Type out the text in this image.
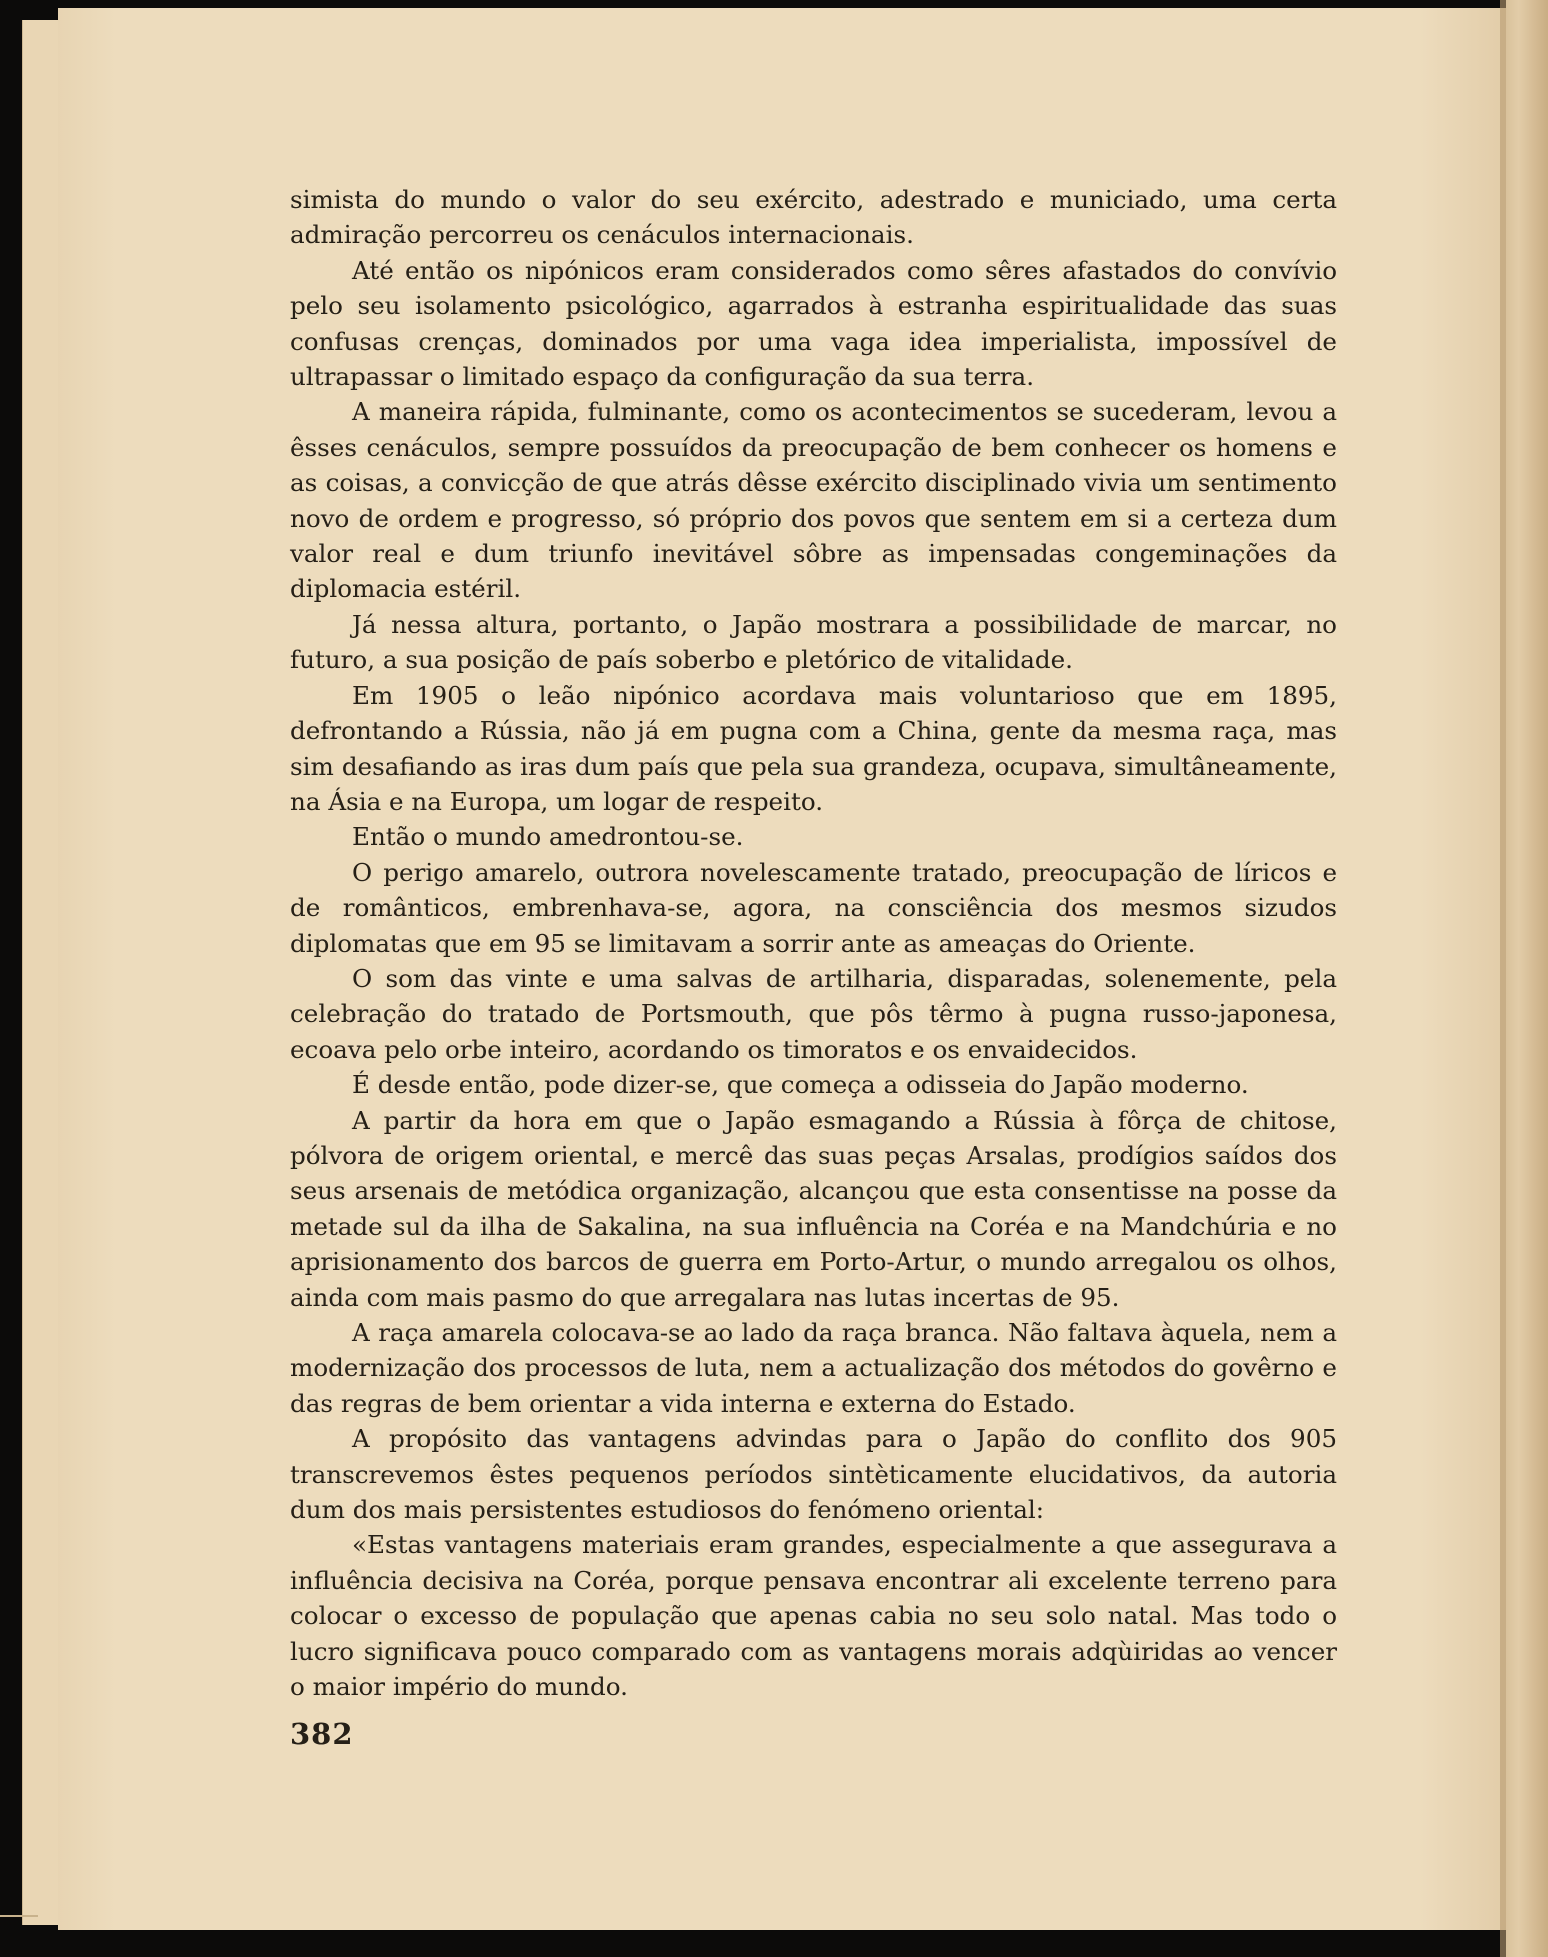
simista do mundo o valor do seu exército, adestrado e municiado, uma certa admiração percorreu os cenáculos internacionais.

Até então os nipónicos eram considerados como sêres afastados do convívio pelo seu isolamento psicológico, agarrados à estranha espiritualidade das suas confusas crenças, dominados por uma vaga idea imperialista, impossível de ultrapassar o limitado espaço da configuração da sua terra.

A maneira rápida, fulminante, como os acontecimentos se sucederam, levou a êsses cenáculos, sempre possuídos da preocupação de bem conhecer os homens e as coisas, a convicção de que atrás dêsse exército disciplinado vivia um sentimento novo de ordem e progresso, só próprio dos povos que sentem em si a certeza dum valor real e dum triunfo inevitável sôbre as impensadas congeminações da diplomacia estéril.

Já nessa altura, portanto, o Japão mostrara a possibilidade de marcar, no futuro, a sua posição de país soberbo e pletórico de vitalidade.

Em 1905 o leão nipónico acordava mais voluntarioso que em 1895, defrontando a Rússia, não já em pugna com a China, gente da mesma raça, mas sim desafiando as iras dum país que pela sua grandeza, ocupava, simultâneamente, na Ásia e na Europa, um logar de respeito.

Então o mundo amedrontou-se.

O perigo amarelo, outrora novelescamente tratado, preocupação de líricos e de românticos, embrenhava-se, agora, na consciência dos mesmos sizudos diplomatas que em 95 se limitavam a sorrir ante as ameaças do Oriente.

O som das vinte e uma salvas de artilharia, disparadas, solenemente, pela celebração do tratado de Portsmouth, que pôs têrmo à pugna russo-japonesa, ecoava pelo orbe inteiro, acordando os timoratos e os envaidecidos.

É desde então, pode dizer-se, que começa a odisseia do Japão moderno.

A partir da hora em que o Japão esmagando a Rússia à fôrça de chitose, pólvora de origem oriental, e mercê das suas peças Arsalas, prodígios saídos dos seus arsenais de metódica organização, alcançou que esta consentisse na posse da metade sul da ilha de Sakalina, na sua influência na Coréa e na Mandchúria e no aprisionamento dos barcos de guerra em Porto-Artur, o mundo arregalou os olhos, ainda com mais pasmo do que arregalara nas lutas incertas de 95.

A raça amarela colocava-se ao lado da raça branca. Não faltava àquela, nem a modernização dos processos de luta, nem a actualização dos métodos do govêrno e das regras de bem orientar a vida interna e externa do Estado.

A propósito das vantagens advindas para o Japão do conflito dos 905 transcrevemos êstes pequenos períodos sintèticamente elucidativos, da autoria dum dos mais persistentes estudiosos do fenómeno oriental:

«Estas vantagens materiais eram grandes, especialmente a que assegurava a influência decisiva na Coréa, porque pensava encontrar ali excelente terreno para colocar o excesso de população que apenas cabia no seu solo natal. Mas todo o lucro significava pouco comparado com as vantagens morais adqùiridas ao vencer o maior império do mundo.

382
